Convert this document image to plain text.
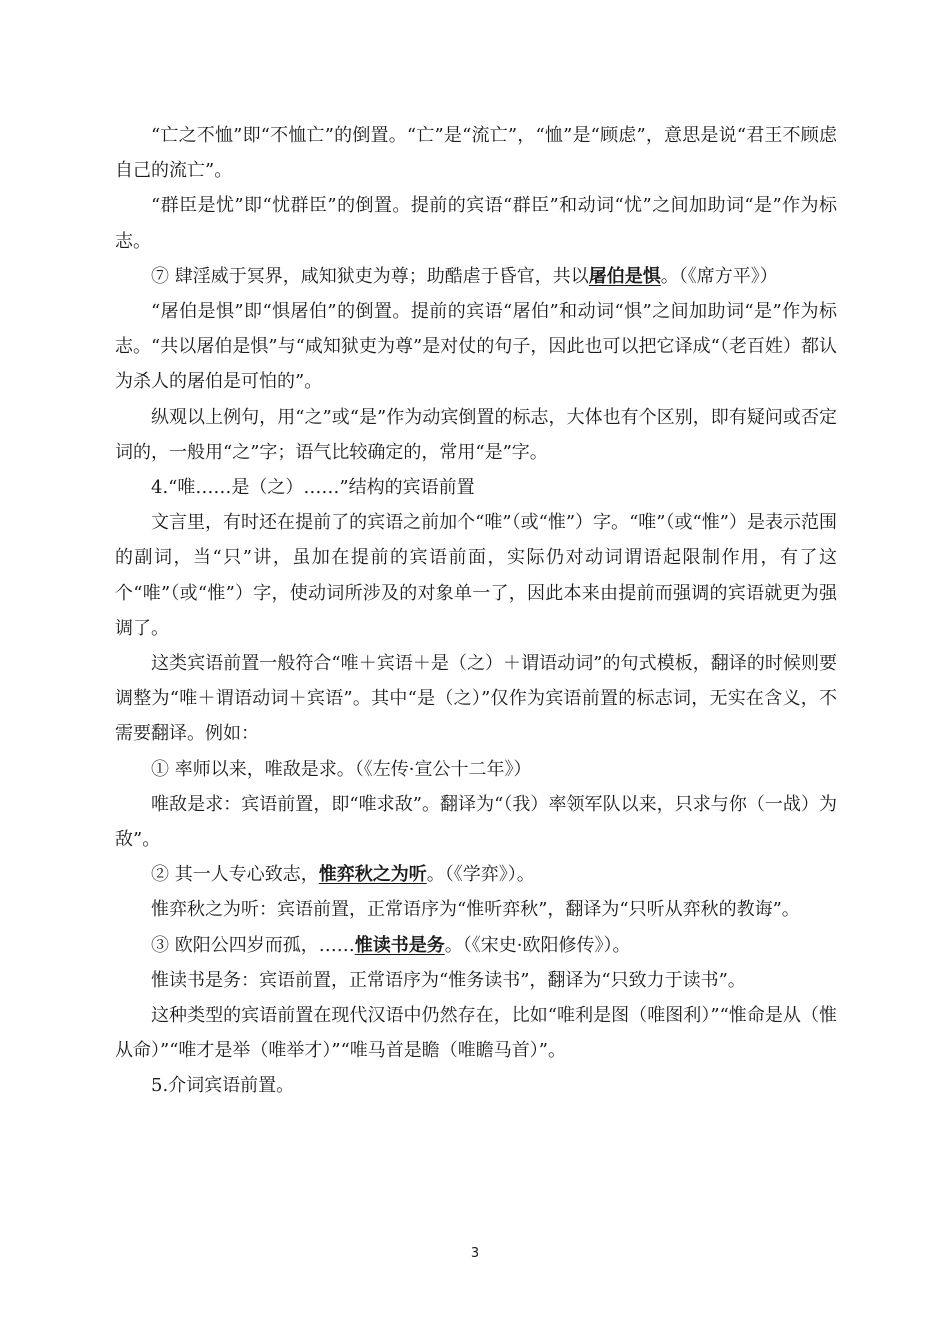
“亡之不恤”即“不恤亡”的倒置。“亡”是“流亡”，“恤”是“顾虑”，意思是说“君王不顾虑自己的流亡”。

“群臣是忧”即“忧群臣”的倒置。提前的宾语“群臣”和动词“忧”之间加助词“是”作为标志。

⑦ 肆淫威于冥界，咸知狱吏为尊；助酷虐于昏官，共以屠伯是惧。（《席方平》）

“屠伯是惧”即“惧屠伯”的倒置。提前的宾语“屠伯”和动词“惧”之间加助词“是”作为标志。“共以屠伯是惧”与“咸知狱吏为尊”是对仗的句子，因此也可以把它译成“（老百姓）都认为杀人的屠伯是可怕的”。

纵观以上例句，用“之”或“是”作为动宾倒置的标志，大体也有个区别，即有疑问或否定词的，一般用“之”字；语气比较确定的，常用“是”字。

4.“唯……是（之）……”结构的宾语前置

文言里，有时还在提前了的宾语之前加个“唯”（或“惟”）字。“唯”（或“惟”）是表示范围的副词，当“只”讲，虽加在提前的宾语前面，实际仍对动词谓语起限制作用，有了这个“唯”（或“惟”）字，使动词所涉及的对象单一了，因此本来由提前而强调的宾语就更为强调了。

这类宾语前置一般符合“唯＋宾语＋是（之）＋谓语动词”的句式模板，翻译的时候则要调整为“唯＋谓语动词＋宾语”。其中“是（之）”仅作为宾语前置的标志词，无实在含义，不需要翻译。例如：

① 率师以来，唯敌是求。（《左传·宣公十二年》）

唯敌是求：宾语前置，即“唯求敌”。翻译为“（我）率领军队以来，只求与你（一战）为敌”。

② 其一人专心致志，惟弈秋之为听。（《学弈》）。

惟弈秋之为听：宾语前置，正常语序为“惟听弈秋”，翻译为“只听从弈秋的教诲”。

③ 欧阳公四岁而孤，……惟读书是务。（《宋史·欧阳修传》）。

惟读书是务：宾语前置，正常语序为“惟务读书”，翻译为“只致力于读书”。

这种类型的宾语前置在现代汉语中仍然存在，比如“唯利是图（唯图利）”“惟命是从（惟从命）”“唯才是举（唯举才）”“唯马首是瞻（唯瞻马首）”。

5.介词宾语前置。

3
